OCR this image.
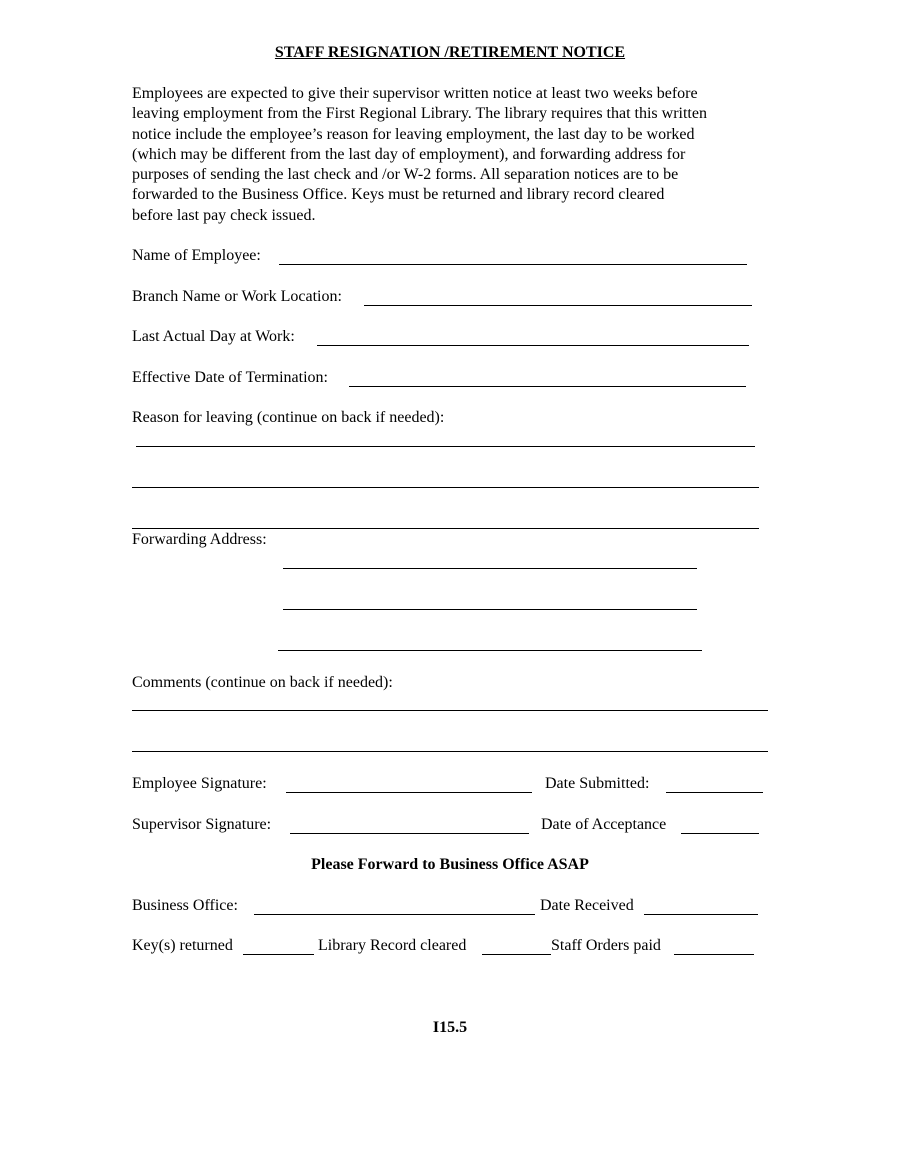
STAFF RESIGNATION /RETIREMENT NOTICE
Employees are expected to give their supervisor written notice at least two weeks before
leaving employment from the First Regional Library. The library requires that this written
notice include the employee’s reason for leaving employment, the last day to be worked
(which may be different from the last day of employment), and forwarding address for
purposes of sending the last check and /or W-2 forms. All separation notices are to be
forwarded to the Business Office. Keys must be returned and library record cleared
before last pay check issued.
Name of Employee:
Branch Name or Work Location:
Last Actual Day at Work:
Effective Date of Termination:
Reason for leaving (continue on back if needed):
Forwarding Address:
Comments (continue on back if needed):
Employee Signature:	Date Submitted:
Supervisor Signature:	Date of Acceptance
Please Forward to Business Office ASAP
Business Office:	Date Received
Key(s) returned	Library Record cleared	Staff Orders paid
I15.5
